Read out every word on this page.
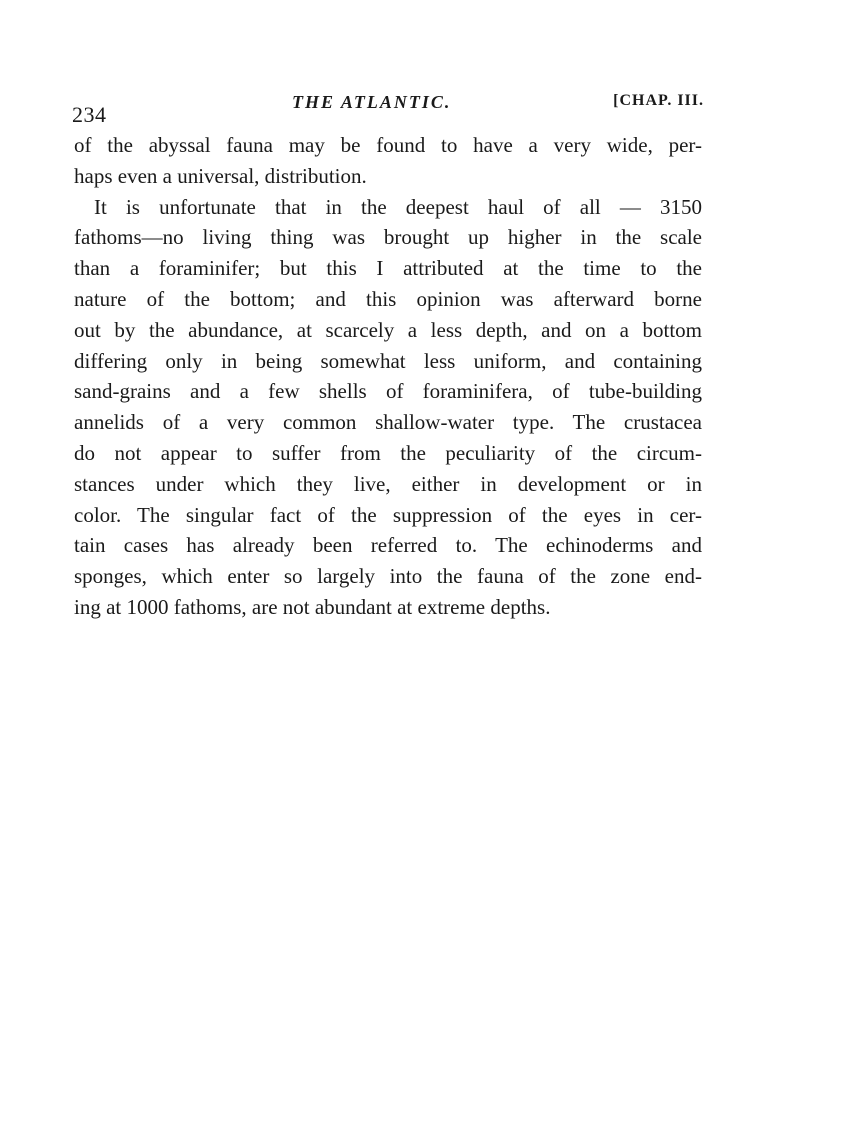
234	THE ATLANTIC.	[CHAP. III.
of the abyssal fauna may be found to have a very wide, per-
haps even a universal, distribution.
It is unfortunate that in the deepest haul of all — 3150
fathoms—no living thing was brought up higher in the scale
than a foraminifer; but this I attributed at the time to the
nature of the bottom; and this opinion was afterward borne
out by the abundance, at scarcely a less depth, and on a bottom
differing only in being somewhat less uniform, and containing
sand-grains and a few shells of foraminifera, of tube-building
annelids of a very common shallow-water type. The crustacea
do not appear to suffer from the peculiarity of the circum-
stances under which they live, either in development or in
color. The singular fact of the suppression of the eyes in cer-
tain cases has already been referred to. The echinoderms and
sponges, which enter so largely into the fauna of the zone end-
ing at 1000 fathoms, are not abundant at extreme depths.
